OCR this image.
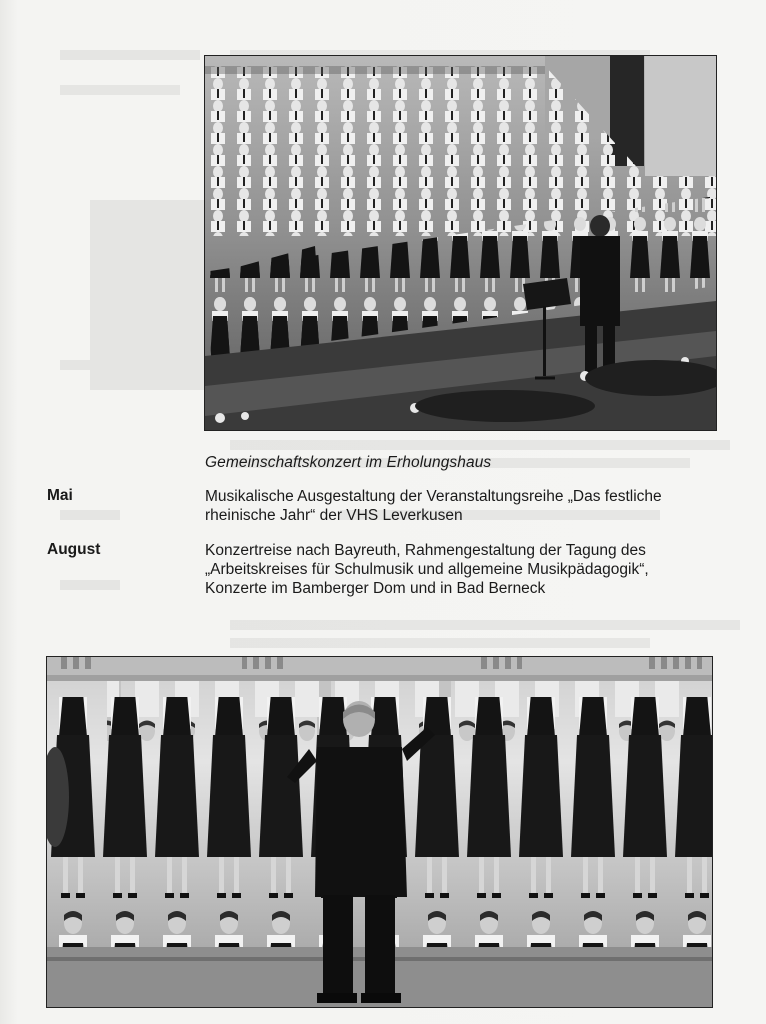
Gemeinschaftskonzert im Erholungshaus
Mai	Musikalische Ausgestaltung der Veranstaltungsreihe „Das festliche rheinische Jahr“ der VHS Leverkusen
August	Konzertreise nach Bayreuth, Rahmengestaltung der Tagung des „Arbeitskreises für Schulmusik und allgemeine Musikpädagogik“, Konzerte im Bamberger Dom und in Bad Berneck
